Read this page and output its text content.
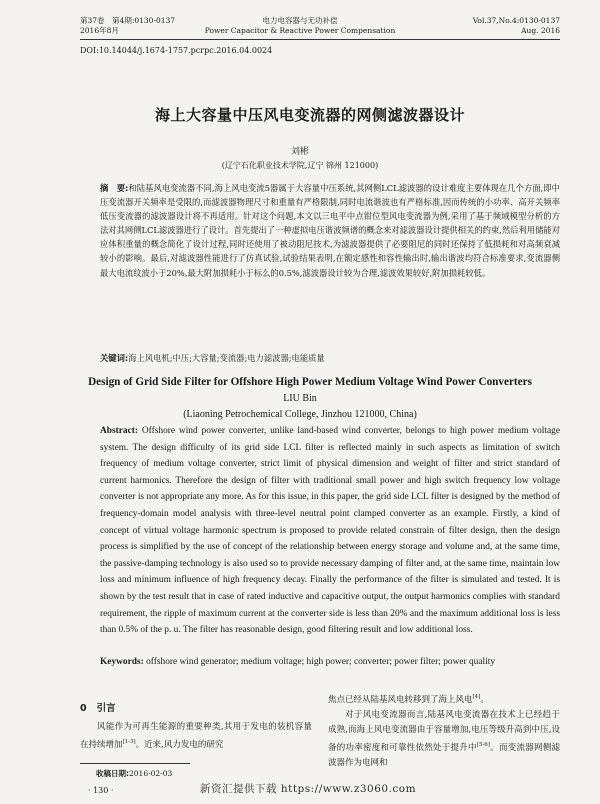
第37卷　第4期:0130-0137
2016年8月
电力电容器与无功补偿
Power Capacitor & Reactive Power Compensation
Vol.37,No.4:0130-0137
Aug. 2016
DOI:10.14044/j.1674-1757.pcrpc.2016.04.0024
海上大容量中压风电变流器的网侧滤波器设计
刘彬
(辽宁石化职业技术学院,辽宁 锦州 121000)
摘　要:和陆基风电变流器不同,海上风电变流5器属于大容量中压系统,其网侧LCL滤波器的设计难度主要体现在几个方面,即中压变流器开关频率是受限的,而滤波器物理尺寸和重量有严格限制,同时电流谐波也有严格标准,因而传统的小功率、高开关频率低压变流器的滤波器设计将不再适用。针对这个问题,本文以三电平中点钳位型风电变流器为例,采用了基于频域模型分析的方法对其网侧LCL滤波器进行了设计。首先提出了一种虚拟电压谐波频谱的概念来对滤波器设计提供相关的约束,然后利用储能对应体积重量的概念简化了设计过程,同时还使用了被动阻尼技术,为滤波器提供了必要阻尼的同时还保持了低损耗和对高频衰减较小的影响。最后,对滤波器性能进行了仿真试验,试验结果表明,在额定感性和容性输出时,输出谐波均符合标准要求,变流器侧最大电流纹波小于20%,最大附加损耗小于标么的0.5%,滤波器设计较为合理,滤波效果较好,附加损耗较低。
关键词:海上风电机;中压;大容量;变流器;电力滤波器;电能质量
Design of Grid Side Filter for Offshore High Power Medium Voltage Wind Power Converters
LIU Bin
(Liaoning Petrochemical College, Jinzhou 121000, China)
Abstract: Offshore wind power converter, unlike land-based wind converter, belongs to high power medium voltage system. The design difficulty of its grid side LCL filter is reflected mainly in such aspects as limitation of switch frequency of medium voltage converter, strict limit of physical dimension and weight of filter and strict standard of current harmonics. Therefore the design of filter with traditional small power and high switch frequency low voltage converter is not appropriate any more. As for this issue, in this paper, the grid side LCL filter is designed by the method of frequency-domain model analysis with three-level neutral point clamped converter as an example. Firstly, a kind of concept of virtual voltage harmonic spectrum is proposed to provide related constrain of filter design, then the design process is simplified by the use of concept of the relationship between energy storage and volume and, at the same time, the passive-damping technology is also used so to provide necessary damping of filter and, at the same time, maintain low loss and minimum influence of high frequency decay. Finally the performance of the filter is simulated and tested. It is shown by the test result that in case of rated inductive and capacitive output, the output harmonics complies with standard requirement, the ripple of maximum current at the converter side is less than 20% and the maximum additional loss is less than 0.5% of the p. u. The filter has reasonable design, good filtering result and low additional loss.
Keywords: offshore wind generator; medium voltage; high power; converter; power filter; power quality
0 引言
风能作为可再生能源的重要种类,其用于发电的装机容量在持续增加[1-3]。近来,风力发电的研究
收稿日期:2016-02-03
· 130 ·

焦点已经从陆基风电转移到了海上风电[4]。

对于风电变流器而言,陆基风电变流器在技术上已经趋于成熟,而海上风电变流器由于容量增加,电压等级升高到中压,设备的功率密度和可靠性依然处于提升中[5-6]。而变流器网侧滤波器作为电网和

新资汇提供下载 https://www.z3060.com
